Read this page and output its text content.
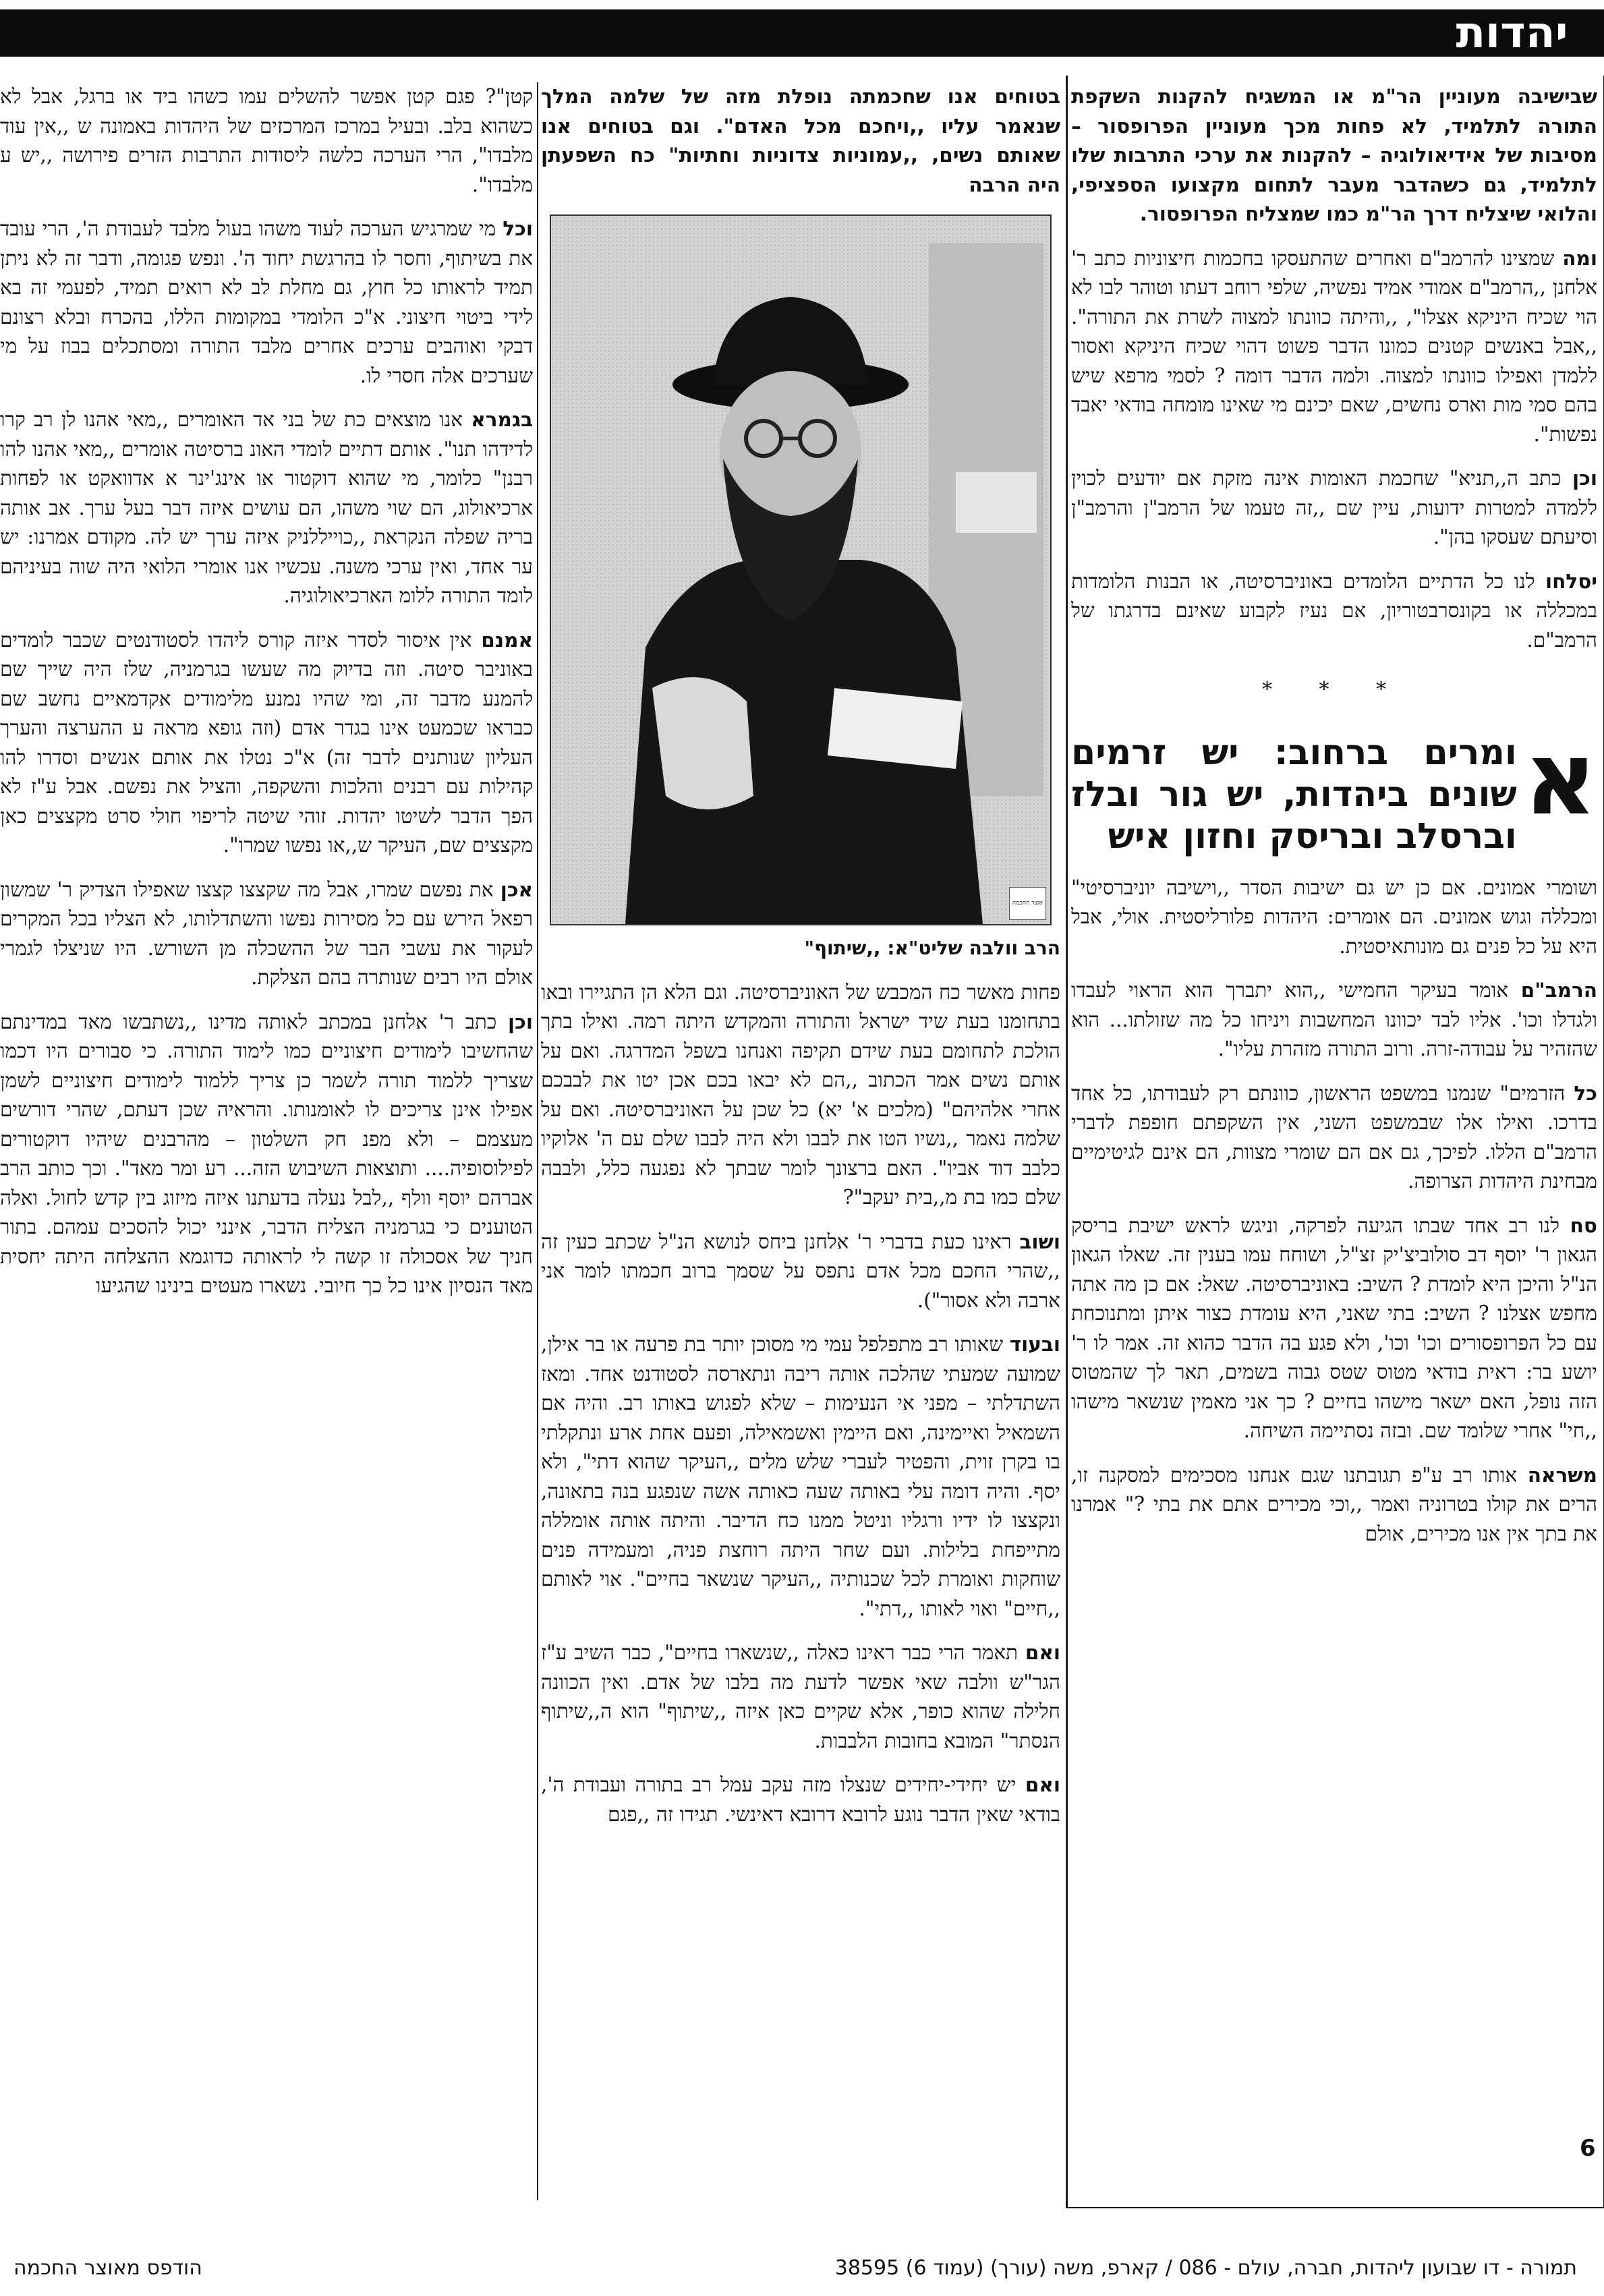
יהדות

שבישיבה מעוניין הר"מ או המשגיח להקנות השקפת התורה לתלמיד, לא פחות מכך מעוניין הפרופסור – מסיבות של אידיאולוגיה – להקנות את ערכי התרבות שלו לתלמיד, גם כשהדבר מעבר לתחום מקצועו הספציפי, והלואי שיצליח דרך הר"מ כמו שמצליח הפרופסור.

ומה שמצינו להרמב"ם ואחרים שהתעסקו בחכמות חיצוניות כתב ר' אלחנן ,,הרמב"ם אמודי אמיד נפשיה, שלפי רוחב דעתו וטוהר לבו לא הוי שכיח היניקא אצלו", ,,והיתה כוונתו למצוה לשרת את התורה". ,,אבל באנשים קטנים כמונו הדבר פשוט דהוי שכיח היניקא ואסור ללמדן ואפילו כוונתו למצוה. ולמה הדבר דומה ? לסמי מרפא שיש בהם סמי מות וארס נחשים, שאם יכינם מי שאינו מומחה בודאי יאבד נפשות".

וכן כתב ה,,תניא" שחכמת האומות אינה מזקת אם יודעים לכוין ללמדה למטרות ידועות, עיין שם ,,זה טעמו של הרמב"ן והרמב"ן וסיעתם שעסקו בהן".

יסלחו לנו כל הדתיים הלומדים באוניברסיטה, או הבנות הלומדות במכללה או בקונסרבטוריון, אם נעיז לקבוע שאינם בדרגתו של הרמב"ם.

* * *
א
ומרים ברחוב: יש זרמים שונים ביהדות, יש גור ובלז וברסלב ובריסק וחזון איש

ושומרי אמונים. אם כן יש גם ישיבות הסדר ,,וישיבה יוניברסיטי" ומכללה וגוש אמונים. הם אומרים: היהדות פלורליסטית. אולי, אבל היא על כל פנים גם מונותאיסטית.

הרמב"ם אומר בעיקר החמישי ,,הוא יתברך הוא הראוי לעבדו ולגדלו וכו'. אליו לבד יכוונו המחשבות ויניחו כל מה שזולתו... הוא שהזהיר על עבודה-זרה. ורוב התורה מזהרת עליו".

כל הזרמים" שנמנו במשפט הראשון, כוונתם רק לעבודתו, כל אחד בדרכו. ואילו אלו שבמשפט השני, אין השקפתם חופפת לדברי הרמב"ם הללו. לפיכך, גם אם הם שומרי מצוות, הם אינם לגיטימיים מבחינת היהדות הצרופה.

סח לנו רב אחד שבתו הגיעה לפרקה, וניגש לראש ישיבת בריסק הגאון ר' יוסף דב סולוביצ'יק זצ"ל, ושוחח עמו בענין זה. שאלו הגאון הנ"ל והיכן היא לומדת ? השיב: באוניברסיטה. שאל: אם כן מה אתה מחפש אצלנו ? השיב: בתי שאני, היא עומדת כצור איתן ומתנוכחת עם כל הפרופסורים וכו' וכו', ולא פגע בה הדבר כהוא זה. אמר לו ר' יושע בר: ראית בודאי מטוס שטס גבוה בשמים, תאר לך שהמטוס הזה נופל, האם ישאר מישהו בחיים ? כך אני מאמין שנשאר מישהו ,,חי" אחרי שלומד שם. ובזה נסתיימה השיחה.

משראה אותו רב ע"פ תגובתנו שגם אנחנו מסכימים למסקנה זו, הרים את קולו בטרוניה ואמר ,,וכי מכירים אתם את בתי ?" אמרנו את בתך אין אנו מכירים, אולם

בטוחים אנו שחכמתה נופלת מזה של שלמה המלך שנאמר עליו ,,ויחכם מכל האדם". וגם בטוחים אנו שאותם נשים, ,,עמוניות צדוניות וחתיות" כח השפעתן היה הרבה

אוצר החכמה

הרב וולבה שליט"א: ,,שיתוף"

פחות מאשר כח המכבש של האוניברסיטה. וגם הלא הן התגיירו ובאו בתחומנו בעת שיד ישראל והתורה והמקדש היתה רמה. ואילו בתך הולכת לתחומם בעת שידם תקיפה ואנחנו בשפל המדרגה. ואם על אותם נשים אמר הכתוב ,,הם לא יבאו בכם אכן יטו את לבבכם אחרי אלהיהם" (מלכים א' יא) כל שכן על האוניברסיטה. ואם על שלמה נאמר ,,נשיו הטו את לבבו ולא היה לבבו שלם עם ה' אלוקיו כלבב דוד אביו". האם ברצונך לומר שבתך לא נפגעה כלל, ולבבה שלם כמו בת מ,,בית יעקב"?

ושוב ראינו כעת בדברי ר' אלחנן ביחס לנושא הנ"ל שכתב כעין זה ,,שהרי החכם מכל אדם נתפס על שסמך ברוב חכמתו לומר אני ארבה ולא אסור").

ובעוד שאותו רב מתפלפל עמי מי מסוכן יותר בת פרעה או בר אילן, שמועה שמעתי שהלכה אותה ריבה ונתארסה לסטודנט אחד. ומאז השתדלתי – מפני אי הנעימות – שלא לפגוש באותו רב. והיה אם השמאיל ואיימינה, ואם היימין ואשמאילה, ופעם אחת ארע ונתקלתי בו בקרן זוית, והפטיר לעברי שלש מלים ,,העיקר שהוא דתי", ולא יסף. והיה דומה עלי באותה שעה כאותה אשה שנפגע בנה בתאונה, ונקצצו לו ידיו ורגליו וניטל ממנו כח הדיבר. והיתה אותה אומללה מתייפחת בלילות. ועם שחר היתה רוחצת פניה, ומעמידה פנים שוחקות ואומרת לכל שכנותיה ,,העיקר שנשאר בחיים". אוי לאותם ,,חיים" ואוי לאותו ,,דתי".

ואם תאמר הרי כבר ראינו כאלה ,,שנשארו בחיים", כבר השיב ע"ז הגר"ש וולבה שאי אפשר לדעת מה בלבו של אדם. ואין הכוונה חלילה שהוא כופר, אלא שקיים כאן איזה ,,שיתוף" הוא ה,,שיתוף הנסתר" המובא בחובות הלבבות.

ואם יש יחידי-יחידים שנצלו מזה עקב עמל רב בתורה ועבודת ה', בודאי שאין הדבר נוגע לרובא דרובא דאינשי. תגידו זה ,,פגם

קטן"? פגם קטן אפשר להשלים עמו כשהו ביד או ברגל, אבל לא כשהוא בלב. ובעיל במרכז המרכזים של היהדות באמונה ש ,,אין עוד מלבדו", הרי הערכה כלשה ליסודות התרבות הזרים פירושה ,,יש ע מלבדו".

וכל מי שמרגיש הערכה לעוד משהו בעול מלבד לעבודת ה', הרי עובד את בשיתוף, וחסר לו בהרגשת יחוד ה'. ונפש פגומה, ודבר זה לא ניתן תמיד לראותו כל חוץ, גם מחלת לב לא רואים תמיד, לפעמי זה בא לידי ביטוי חיצוני. א"כ הלומדי במקומות הללו, בהכרח ובלא רצונם דבקי ואוהבים ערכים אחרים מלבד התורה ומסתכלים בבוז על מי שערכים אלה חסרי לו.

בגמרא אנו מוצאים כת של בני אד האומרים ,,מאי אהנו לן רב קרו לדידהו תנו". אותם דתיים לומדי האונ ברסיטה אומרים ,,מאי אהנו להו רבנן" כלומר, מי שהוא דוקטור או אינג'ינר א אדוואקט או לפחות ארכיאולוג, הם שוי משהו, הם עושים איזה דבר בעל ערך. אב אותה בריה שפלה הנקראת ,,כוייללניק איזה ערך יש לה. מקודם אמרנו: יש ער אחד, ואין ערכי משנה. עכשיו אנו אומרי הלואי היה שוה בעיניהם לומד התורה ללומ הארכיאולוגיה.

אמנם אין איסור לסדר איזה קורס ליהדו לסטודנטים שכבר לומדים באוניבר סיטה. וזה בדיוק מה שעשו בגרמניה, שלז היה שייך שם להמנע מדבר זה, ומי שהיו נמנע מלימודים אקדמאיים נחשב שם כבראו שכמעט אינו בגדר אדם (וזה גופא מראה ע ההערצה והערך העליון שנותנים לדבר זה) א"כ נטלו את אותם אנשים וסדרו להו קהילות עם רבנים והלכות והשקפה, והציל את נפשם. אבל ע"ז לא הפך הדבר לשיטו יהדות. זוהי שיטה לריפוי חולי סרט מקצצים כאן מקצצים שם, העיקר ש,,או נפשו שמרו".

אכן את נפשם שמרו, אבל מה שקצצו קצצו שאפילו הצדיק ר' שמשון רפאל הירש עם כל מסירות נפשו והשתדלותו, לא הצליו בכל המקרים לעקור את עשבי הבר של ההשכלה מן השורש. היו שניצלו לגמרי אולם היו רבים שנותרה בהם הצלקת.

וכן כתב ר' אלחנן במכתב לאותה מדינו ,,נשתבשו מאד במדינתם שהחשיבו לימודים חיצוניים כמו לימוד התורה. כי סבורים היו דכמו שצריך ללמוד תורה לשמר כן צריך ללמוד לימודים חיצוניים לשמן אפילו אינן צריכים לו לאומנותו. והראיה שכן דעתם, שהרי דורשים מעצמם – ולא מפנ חק השלטון – מהרבנים שיהיו דוקטורים לפילוסופיה.... ותוצאות השיבוש הזה... רע ומר מאד". וכך כותב הרב אברהם יוסף וולף ,,לבל נעלה בדעתנו איזה מיזוג בין קדש לחול. ואלה הטוענים כי בגרמניה הצליח הדבר, אינני יכול להסכים עמהם. בתור חניך של אסכולה זו קשה לי לראותה כדוגמא ההצלחה היתה יחסית מאד הנסיון אינו כל כך חיובי. נשארו מעטים בינינו שהגיעו

6
תמורה - דו שבועון ליהדות, חברה, עולם - 086 / קארפ, משה (עורך) (עמוד 6) 38595
הודפס מאוצר החכמה
